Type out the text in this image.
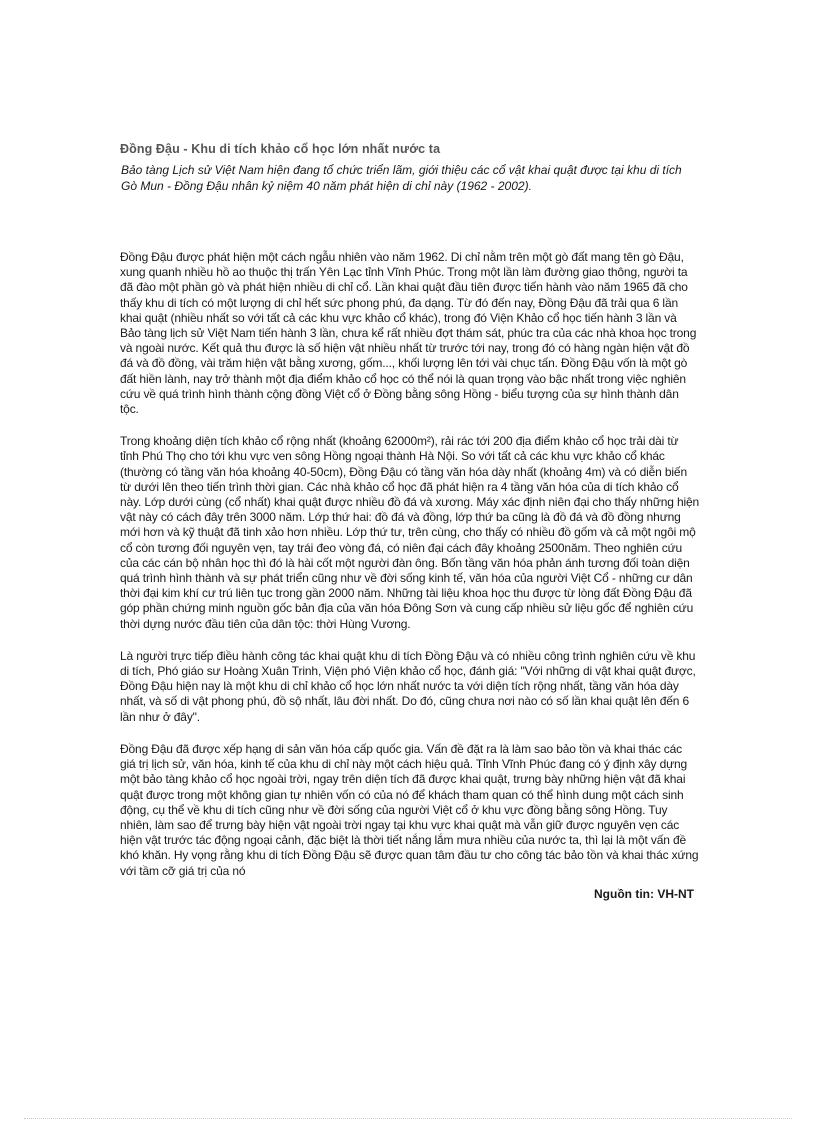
Đồng Đậu - Khu di tích khảo cổ học lớn nhất nước ta

Bảo tàng Lịch sử Việt Nam hiện đang tổ chức triển lãm, giới thiệu các cổ vật khai quật được tại khu di tích Gò Mun - Đồng Đậu nhân kỷ niệm 40 năm phát hiện di chỉ này (1962 - 2002).

Đồng Đậu được phát hiện một cách ngẫu nhiên vào năm 1962. Di chỉ nằm trên một gò đất mang tên gò Đậu, xung quanh nhiều hồ ao thuộc thị trấn Yên Lạc tỉnh Vĩnh Phúc. Trong một lần làm đường giao thông, người ta đã đào một phần gò và phát hiện nhiều di chỉ cổ. Lần khai quật đầu tiên được tiến hành vào năm 1965 đã cho thấy khu di tích có một lượng di chỉ hết sức phong phú, đa dạng. Từ đó đến nay, Đồng Đậu đã trải qua 6 lần khai quật (nhiều nhất so với tất cả các khu vực khảo cổ khác), trong đó Viện Khảo cổ học tiến hành 3 lần và Bảo tàng lịch sử Việt Nam tiến hành 3 lần, chưa kể rất nhiều đợt thám sát, phúc tra của các nhà khoa học trong và ngoài nước. Kết quả thu được là số hiện vật nhiều nhất từ trước tới nay, trong đó có hàng ngàn hiện vật đồ đá và đồ đồng, vài trăm hiện vật bằng xương, gốm..., khối lượng lên tới vài chục tấn. Đồng Đậu vốn là một gò đất hiền lành, nay trở thành một địa điểm khảo cổ học có thể nói là quan trọng vào bậc nhất trong việc nghiên cứu về quá trình hình thành cộng đồng Việt cổ ở Đồng bằng sông Hồng - biểu tượng của sự hình thành dân tộc.

Trong khoảng diện tích khảo cổ rộng nhất (khoảng 62000m²), rải rác tới 200 địa điểm khảo cổ học trải dài từ tỉnh Phú Thọ cho tới khu vực ven sông Hồng ngoại thành Hà Nội. So với tất cả các khu vực khảo cổ khác (thường có tầng văn hóa khoảng 40-50cm), Đồng Đậu có tầng văn hóa dày nhất (khoảng 4m) và có diễn biến từ dưới lên theo tiến trình thời gian. Các nhà khảo cổ học đã phát hiện ra 4 tầng văn hóa của di tích khảo cổ này. Lớp dưới cùng (cổ nhất) khai quật được nhiều đồ đá và xương. Máy xác định niên đại cho thấy những hiện vật này có cách đây trên 3000 năm. Lớp thứ hai: đồ đá và đồng, lớp thứ ba cũng là đồ đá và đồ đồng nhưng mới hơn và kỹ thuật đã tinh xảo hơn nhiều. Lớp thứ tư, trên cùng, cho thấy có nhiều đồ gốm và cả một ngôi mộ cổ còn tương đối nguyên vẹn, tay trái đeo vòng đá, có niên đại cách đây khoảng 2500năm. Theo nghiên cứu của các cán bộ nhân học thì đó là hài cốt một người đàn ông. Bốn tầng văn hóa phản ánh tương đối toàn diện quá trình hình thành và sự phát triển cũng như về đời sống kinh tế, văn hóa của người Việt Cổ - những cư dân thời đại kim khí cư trú liên tục trong gần 2000 năm. Những tài liệu khoa học thu được từ lòng đất Đồng Đậu đã góp phần chứng minh nguồn gốc bản địa của văn hóa Đông Sơn và cung cấp nhiều sử liệu gốc để nghiên cứu thời dựng nước đầu tiên của dân tộc: thời Hùng Vương.

Là người trực tiếp điều hành công tác khai quật khu di tích Đồng Đậu và có nhiều công trình nghiên cứu về khu di tích, Phó giáo sư Hoàng Xuân Trinh, Viện phó Viện khảo cổ học, đánh giá: "Với những di vật khai quật được, Đồng Đậu hiện nay là một khu di chỉ khảo cổ học lớn nhất nước ta với diện tích rộng nhất, tầng văn hóa dày nhất, và số di vật phong phú, đồ sộ nhất, lâu đời nhất. Do đó, cũng chưa nơi nào có số lần khai quật lên đến 6 lần như ở đây".

Đồng Đậu đã được xếp hạng di sản văn hóa cấp quốc gia. Vấn đề đặt ra là làm sao bảo tồn và khai thác các giá trị lịch sử, văn hóa, kinh tế của khu di chỉ này một cách hiệu quả. Tỉnh Vĩnh Phúc đang có ý định xây dựng một bảo tàng khảo cổ học ngoài trời, ngay trên diện tích đã được khai quật, trưng bày những hiện vật đã khai quật được trong một không gian tự nhiên vốn có của nó để khách tham quan có thể hình dung một cách sinh động, cụ thể về khu di tích cũng như về đời sống của người Việt cổ ở khu vực đồng bằng sông Hồng. Tuy nhiên, làm sao để trưng bày hiện vật ngoài trời ngay tại khu vực khai quật mà vẫn giữ được nguyên vẹn các hiện vật trước tác động ngoại cảnh, đặc biệt là thời tiết nắng lắm mưa nhiều của nước ta, thì lại là một vấn đề khó khăn. Hy vọng rằng khu di tích Đồng Đậu sẽ được quan tâm đầu tư cho công tác bảo tồn và khai thác xứng với tầm cỡ giá trị của nó

Nguồn tin: VH-NT
